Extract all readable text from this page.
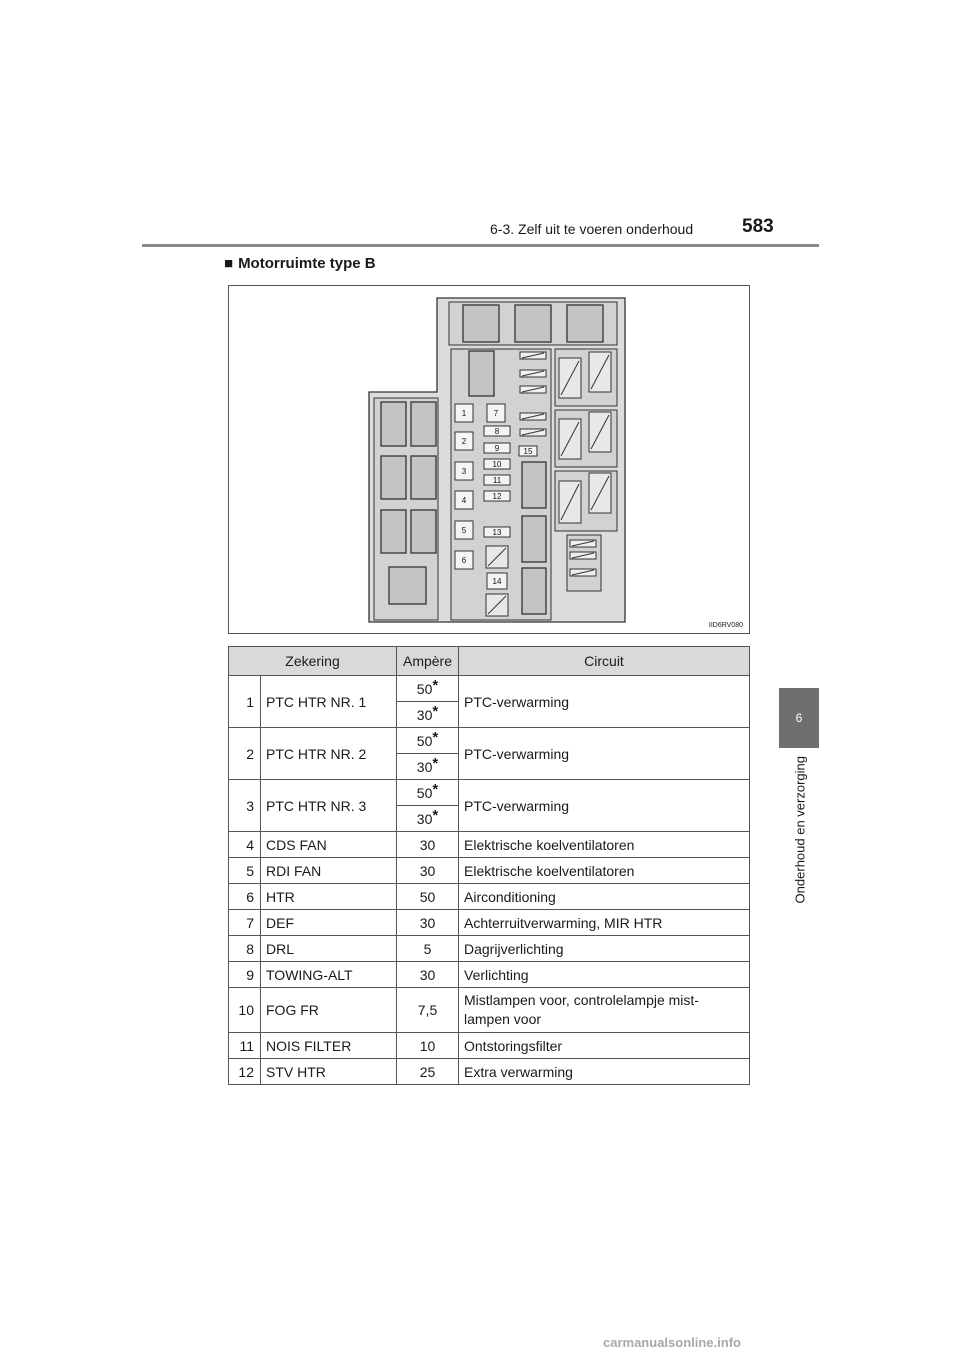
6-3. Zelf uit te voeren onderhoud	583
6
Onderhoud en verzorging
■ Motorruimte type B
1
2
3
4
5
6
7
8
9
10
11
12
13
14
15
IID6RV080
Zekering		Ampère	Circuit
1	PTC HTR NR. 1	50*	PTC-verwarming
		30*
2	PTC HTR NR. 2	50*	PTC-verwarming
		30*
3	PTC HTR NR. 3	50*	PTC-verwarming
		30*
4	CDS FAN	30	Elektrische koelventilatoren
5	RDI FAN	30	Elektrische koelventilatoren
6	HTR	50	Airconditioning
7	DEF	30	Achterruitverwarming, MIR HTR
8	DRL	5	Dagrijverlichting
9	TOWING-ALT	30	Verlichting
10	FOG FR	7,5	Mistlampen voor, controlelampje mist-
lampen voor
11	NOIS FILTER	10	Ontstoringsfilter
12	STV HTR	25	Extra verwarming
carmanualsonline.info
